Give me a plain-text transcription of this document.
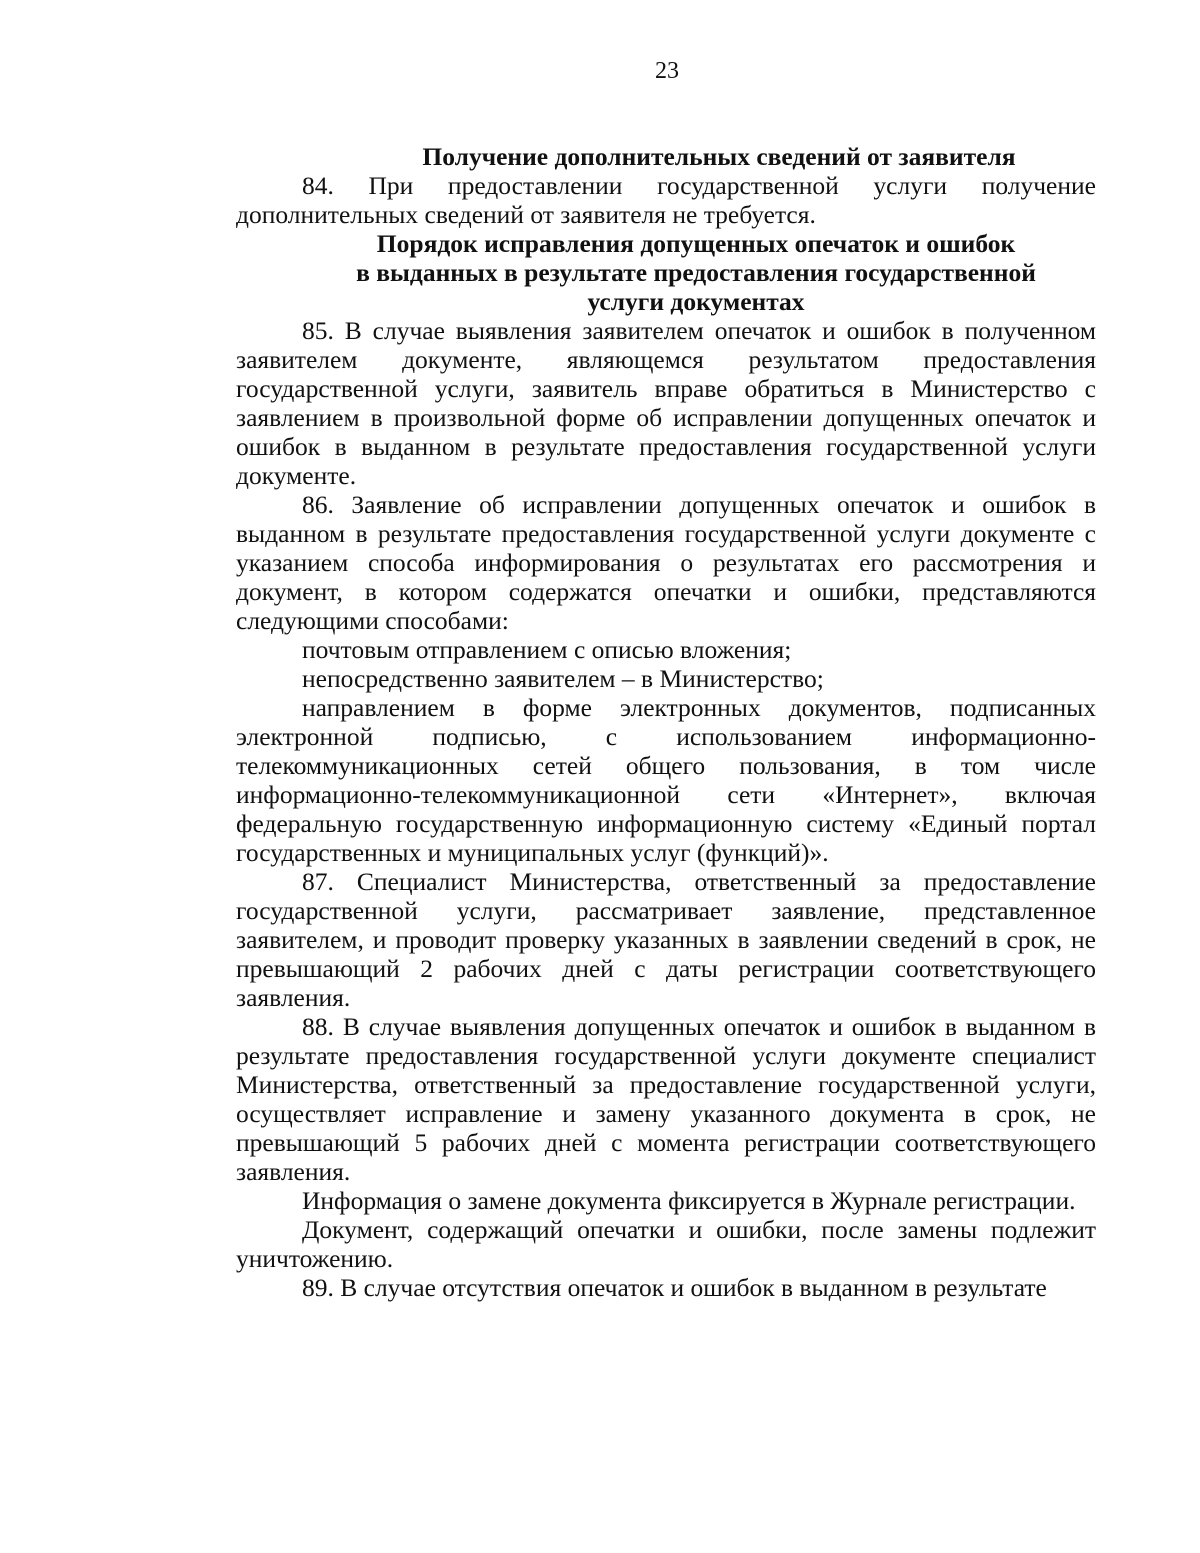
23
Получение дополнительных сведений от заявителя

84. При предоставлении государственной услуги получение дополнительных сведений от заявителя не требуется.

Порядок исправления допущенных опечаток и ошибок
в выданных в результате предоставления государственной
услуги документах

85. В случае выявления заявителем опечаток и ошибок в полученном заявителем документе, являющемся результатом предоставления государственной услуги, заявитель вправе обратиться в Министерство с заявлением в произвольной форме об исправлении допущенных опечаток и ошибок в выданном в результате предоставления государственной услуги документе.

86. Заявление об исправлении допущенных опечаток и ошибок в выданном в результате предоставления государственной услуги документе с указанием способа информирования о результатах его рассмотрения и документ, в котором содержатся опечатки и ошибки, представляются следующими способами:

почтовым отправлением с описью вложения;

непосредственно заявителем – в Министерство;

направлением в форме электронных документов, подписанных электронной подписью, с использованием информационно-телекоммуникационных сетей общего пользования, в том числе информационно-телекоммуникационной сети «Интернет», включая федеральную государственную информационную систему «Единый портал государственных и муниципальных услуг (функций)».

87. Специалист Министерства, ответственный за предоставление государственной услуги, рассматривает заявление, представленное заявителем, и проводит проверку указанных в заявлении сведений в срок, не превышающий 2 рабочих дней с даты регистрации соответствующего заявления.

88. В случае выявления допущенных опечаток и ошибок в выданном в результате предоставления государственной услуги документе специалист Министерства, ответственный за предоставление государственной услуги, осуществляет исправление и замену указанного документа в срок, не превышающий 5 рабочих дней с момента регистрации соответствующего заявления.

Информация о замене документа фиксируется в Журнале регистрации.

Документ, содержащий опечатки и ошибки, после замены подлежит уничтожению.

89. В случае отсутствия опечаток и ошибок в выданном в результате
